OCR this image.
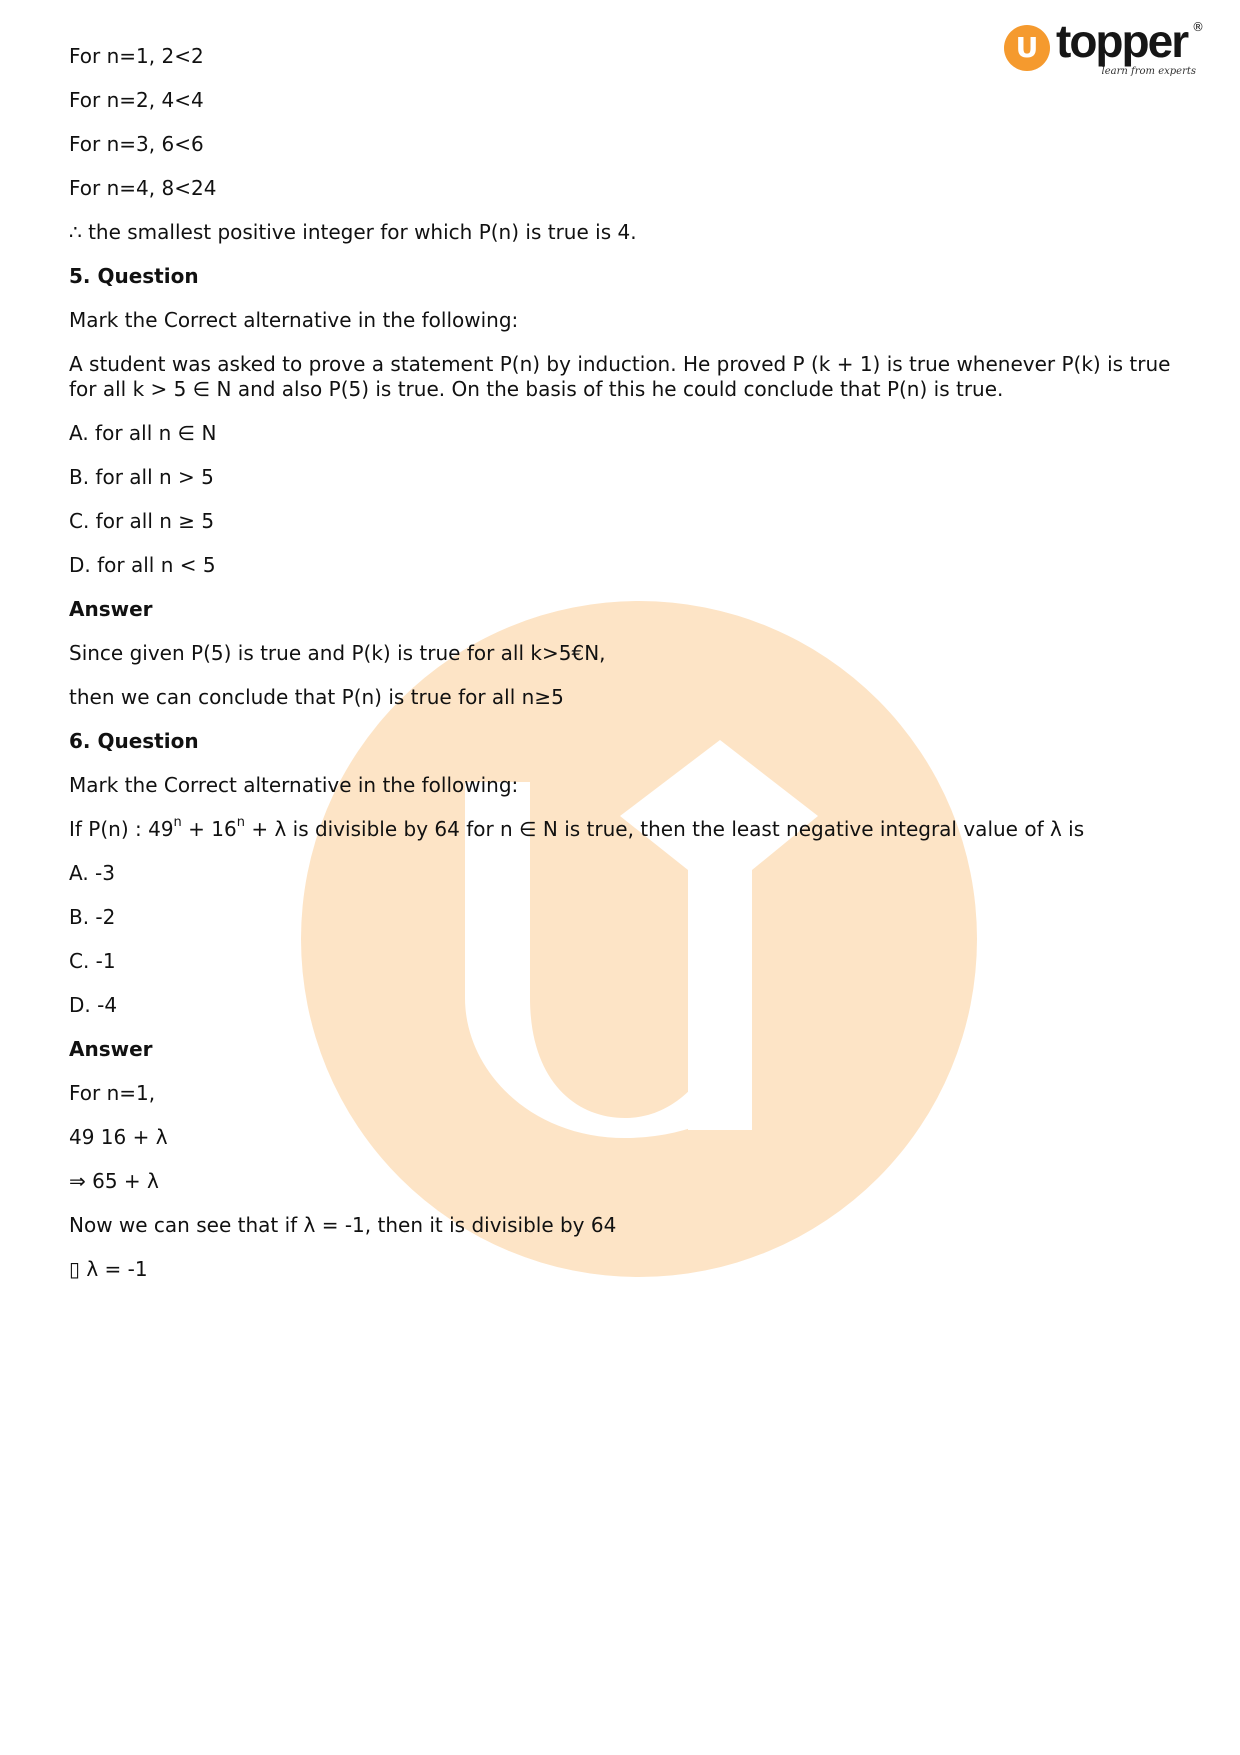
U topper ®
learn from experts

For n=1, 2<2

For n=2, 4<4

For n=3, 6<6

For n=4, 8<24

∴ the smallest positive integer for which P(n) is true is 4.

5. Question

Mark the Correct alternative in the following:

A student was asked to prove a statement P(n) by induction. He proved P (k + 1) is true whenever P(k) is true for all k > 5 ∈ N and also P(5) is true. On the basis of this he could conclude that P(n) is true.

A. for all n ∈ N

B. for all n > 5

C. for all n ≥ 5

D. for all n < 5

Answer

Since given P(5) is true and P(k) is true for all k>5€N,

then we can conclude that P(n) is true for all n≥5

6. Question

Mark the Correct alternative in the following:

If P(n) : $49^n + 16^n + \lambda$ is divisible by 64 for n ∈ N is true, then the least negative integral value of λ is

A. -3

B. -2

C. -1

D. -4

Answer

For n=1,

49 16 + λ

⇒ 65 + λ

Now we can see that if λ = -1, then it is divisible by 64

▯ λ = -1
